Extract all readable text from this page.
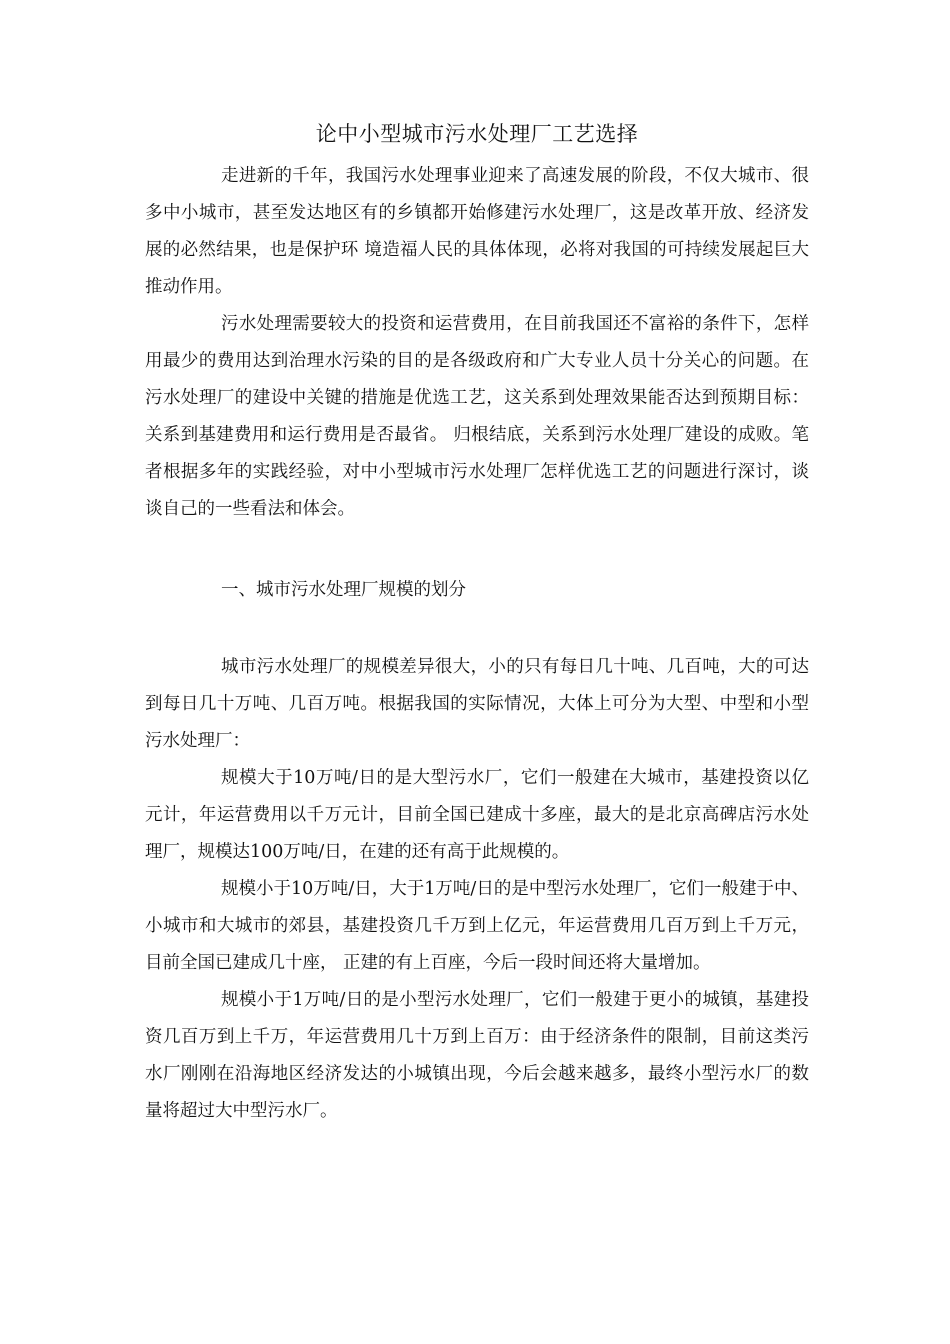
论中小型城市污水处理厂工艺选择

走进新的千年，我国污水处理事业迎来了高速发展的阶段，不仅大城市、很多中小城市，甚至发达地区有的乡镇都开始修建污水处理厂，这是改革开放、经济发展的必然结果，也是保护环 境造福人民的具体体现，必将对我国的可持续发展起巨大推动作用。

污水处理需要较大的投资和运营费用，在目前我国还不富裕的条件下，怎样用最少的费用达到治理水污染的目的是各级政府和广大专业人员十分关心的问题。在污水处理厂的建设中关键的措施是优选工艺，这关系到处理效果能否达到预期目标：关系到基建费用和运行费用是否最省。 归根结底，关系到污水处理厂建设的成败。笔者根据多年的实践经验，对中小型城市污水处理厂怎样优选工艺的问题进行深讨，谈谈自己的一些看法和体会。

一、城市污水处理厂规模的划分

城市污水处理厂的规模差异很大，小的只有每日几十吨、几百吨，大的可达到每日几十万吨、几百万吨。根据我国的实际情况，大体上可分为大型、中型和小型污水处理厂：

规模大于10万吨/日的是大型污水厂，它们一般建在大城市，基建投资以亿元计，年运营费用以千万元计，目前全国已建成十多座，最大的是北京高碑店污水处理厂，规模达100万吨/日，在建的还有高于此规模的。

规模小于10万吨/日，大于1万吨/日的是中型污水处理厂，它们一般建于中、小城市和大城市的郊县，基建投资几千万到上亿元，年运营费用几百万到上千万元，目前全国已建成几十座， 正建的有上百座，今后一段时间还将大量增加。

规模小于1万吨/日的是小型污水处理厂，它们一般建于更小的城镇，基建投资几百万到上千万，年运营费用几十万到上百万：由于经济条件的限制，目前这类污水厂刚刚在沿海地区经济发达的小城镇出现，今后会越来越多，最终小型污水厂的数量将超过大中型污水厂。
